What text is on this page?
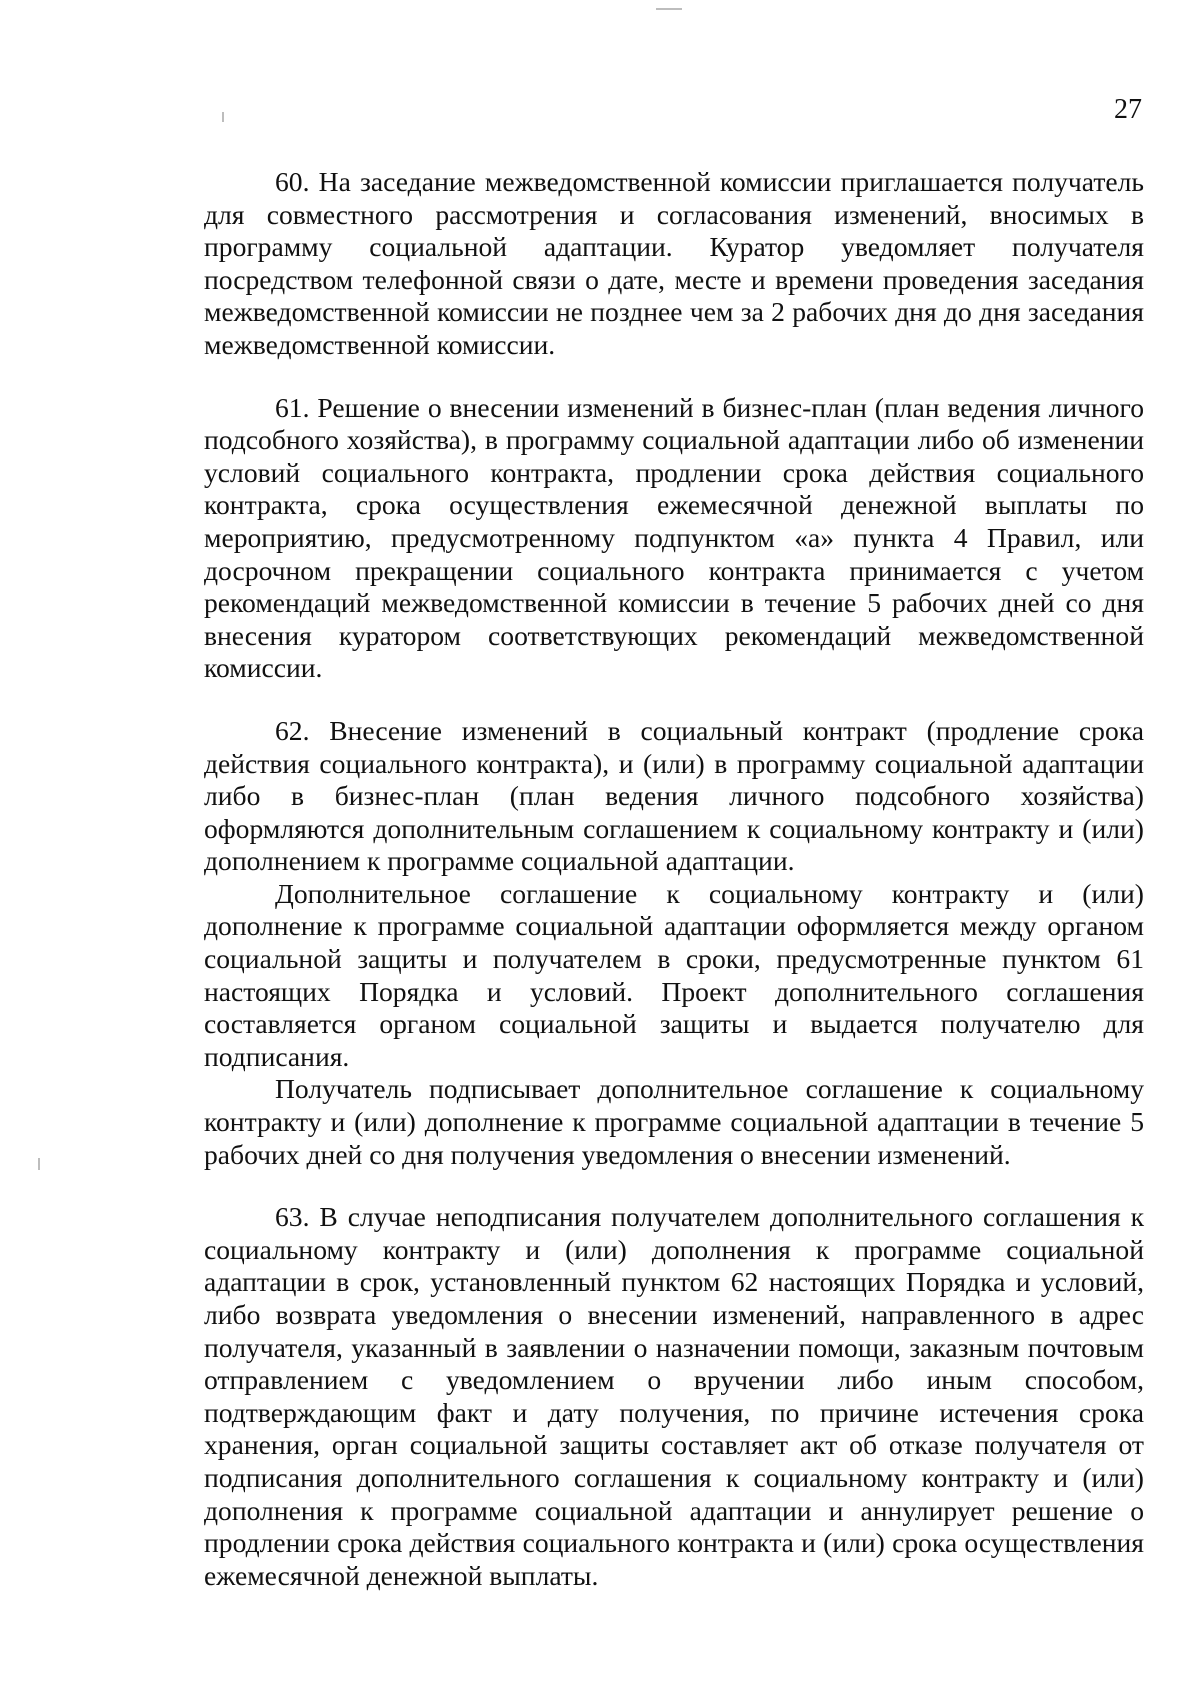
27

60. На заседание межведомственной комиссии приглашается получатель для совместного рассмотрения и согласования изменений, вносимых в программу социальной адаптации. Куратор уведомляет получателя посредством телефонной связи о дате, месте и времени проведения заседания межведомственной комиссии не позднее чем за 2 рабочих дня до дня заседания межведомственной комиссии.

61. Решение о внесении изменений в бизнес-план (план ведения личного подсобного хозяйства), в программу социальной адаптации либо об изменении условий социального контракта, продлении срока действия социального контракта, срока осуществления ежемесячной денежной выплаты по мероприятию, предусмотренному подпунктом «а» пункта 4 Правил, или досрочном прекращении социального контракта принимается с учетом рекомендаций межведомственной комиссии в течение 5 рабочих дней со дня внесения куратором соответствующих рекомендаций межведомственной комиссии.

62. Внесение изменений в социальный контракт (продление срока действия социального контракта), и (или) в программу социальной адаптации либо в бизнес-план (план ведения личного подсобного хозяйства) оформляются дополнительным соглашением к социальному контракту и (или) дополнением к программе социальной адаптации.

Дополнительное соглашение к социальному контракту и (или) дополнение к программе социальной адаптации оформляется между органом социальной защиты и получателем в сроки, предусмотренные пунктом 61 настоящих Порядка и условий. Проект дополнительного соглашения составляется органом социальной защиты и выдается получателю для подписания.

Получатель подписывает дополнительное соглашение к социальному контракту и (или) дополнение к программе социальной адаптации в течение 5 рабочих дней со дня получения уведомления о внесении изменений.

63. В случае неподписания получателем дополнительного соглашения к социальному контракту и (или) дополнения к программе социальной адаптации в срок, установленный пунктом 62 настоящих Порядка и условий, либо возврата уведомления о внесении изменений, направленного в адрес получателя, указанный в заявлении о назначении помощи, заказным почтовым отправлением с уведомлением о вручении либо иным способом, подтверждающим факт и дату получения, по причине истечения срока хранения, орган социальной защиты составляет акт об отказе получателя от подписания дополнительного соглашения к социальному контракту и (или) дополнения к программе социальной адаптации и аннулирует решение о продлении срока действия социального контракта и (или) срока осуществления ежемесячной денежной выплаты.
